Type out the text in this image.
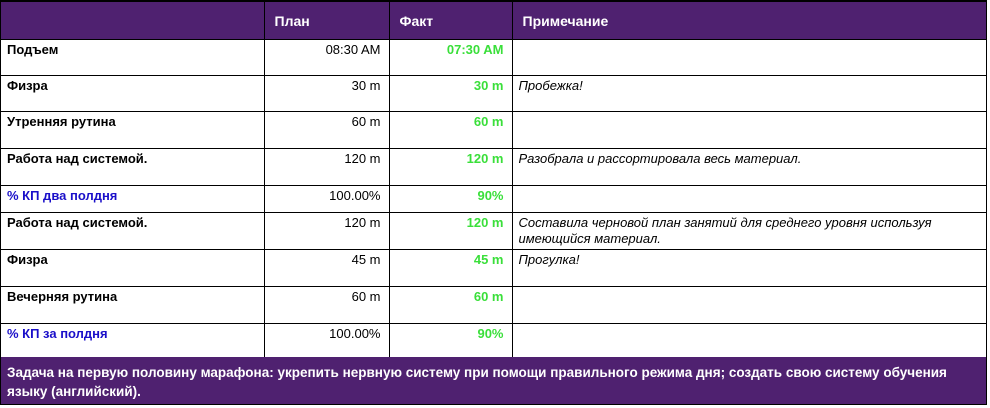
	План	Факт	Примечание
Подъем	08:30 AM	07:30 AM	
Физра	30 m	30 m	Пробежка!
Утренняя рутина	60 m	60 m	
Работа над системой.	120 m	120 m	Разобрала и рассортировала весь материал.
% КП два полдня	100.00%	90%	
Работа над системой.	120 m	120 m	Составила черновой план занятий для среднего уровня используя имеющийся материал.
Физра	45 m	45 m	Прогулка!
Вечерняя рутина	60 m	60 m	
% КП за полдня	100.00%	90%	
Задача на первую половину марафона: укрепить нервную систему при помощи правильного режима дня; создать свою систему обучения языку (английский).
